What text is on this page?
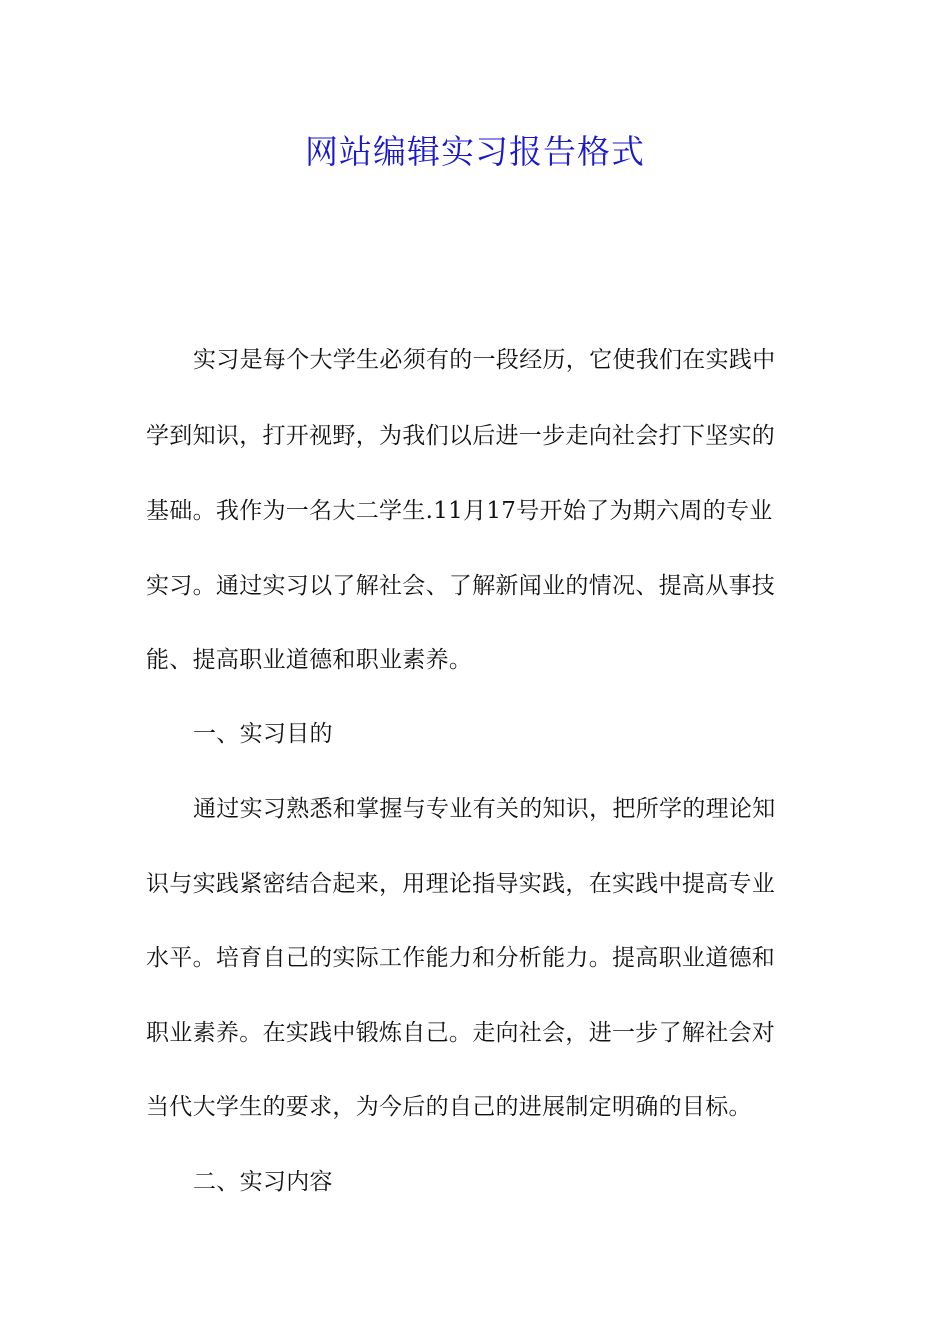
网站编辑实习报告格式
实习是每个大学生必须有的一段经历，它使我们在实践中
学到知识，打开视野，为我们以后进一步走向社会打下坚实的
基础。我作为一名大二学生.11月17号开始了为期六周的专业
实习。通过实习以了解社会、了解新闻业的情况、提高从事技
能、提高职业道德和职业素养。
一、实习目的
通过实习熟悉和掌握与专业有关的知识，把所学的理论知
识与实践紧密结合起来，用理论指导实践，在实践中提高专业
水平。培育自己的实际工作能力和分析能力。提高职业道德和
职业素养。在实践中锻炼自己。走向社会，进一步了解社会对
当代大学生的要求，为今后的自己的进展制定明确的目标。
二、实习内容
